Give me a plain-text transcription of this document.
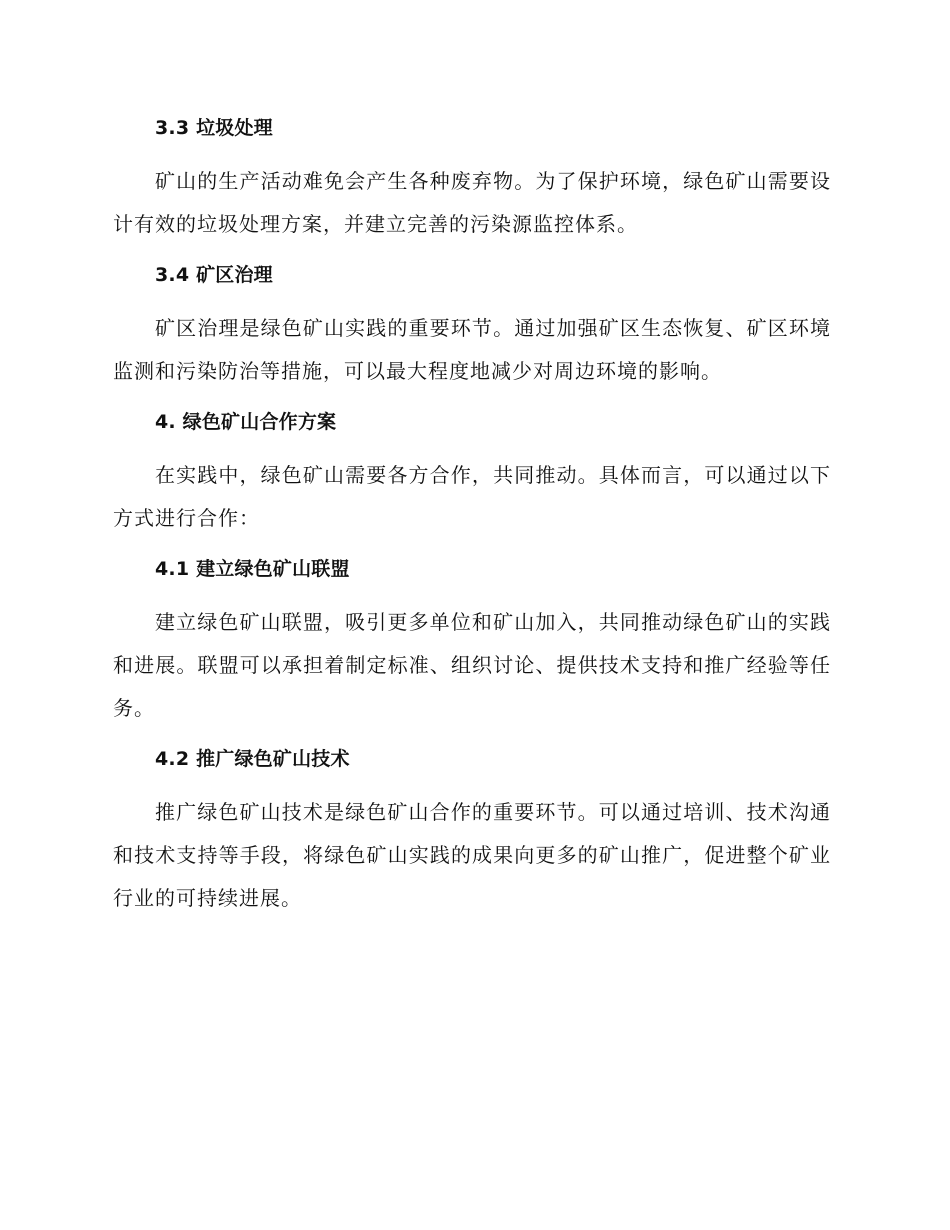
3.3 垃圾处理

矿山的生产活动难免会产生各种废弃物。为了保护环境，绿色矿山需要设计有效的垃圾处理方案，并建立完善的污染源监控体系。

3.4 矿区治理

矿区治理是绿色矿山实践的重要环节。通过加强矿区生态恢复、矿区环境监测和污染防治等措施，可以最大程度地减少对周边环境的影响。

4. 绿色矿山合作方案

在实践中，绿色矿山需要各方合作，共同推动。具体而言，可以通过以下方式进行合作：

4.1 建立绿色矿山联盟

建立绿色矿山联盟，吸引更多单位和矿山加入，共同推动绿色矿山的实践和进展。联盟可以承担着制定标准、组织讨论、提供技术支持和推广经验等任务。

4.2 推广绿色矿山技术

推广绿色矿山技术是绿色矿山合作的重要环节。可以通过培训、技术沟通和技术支持等手段，将绿色矿山实践的成果向更多的矿山推广，促进整个矿业行业的可持续进展。
